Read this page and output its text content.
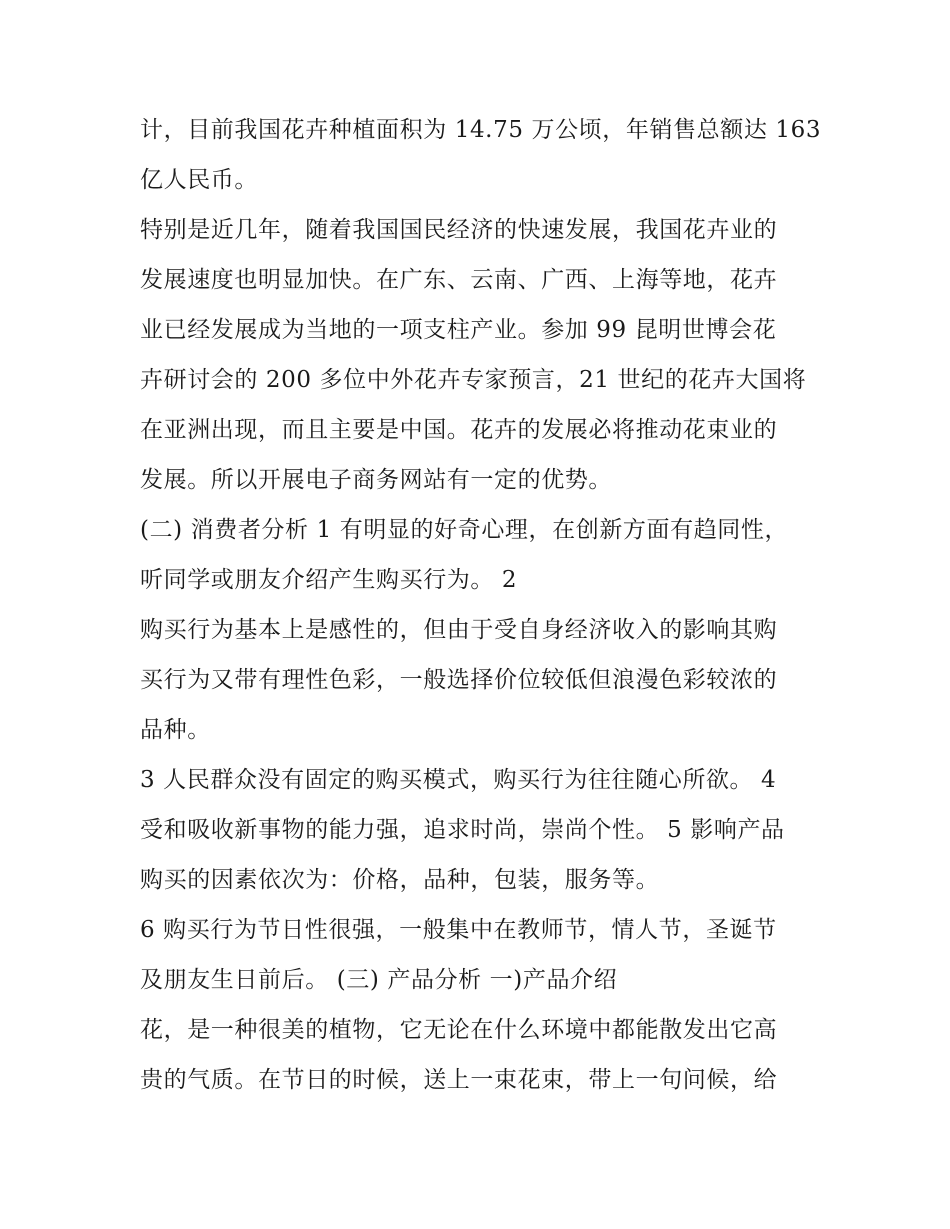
计，目前我国花卉种植面积为 14.75 万公顷，年销售总额达 163
亿人民币。
特别是近几年，随着我国国民经济的快速发展，我国花卉业的
发展速度也明显加快。在广东、云南、广西、上海等地，花卉
业已经发展成为当地的一项支柱产业。参加 99 昆明世博会花
卉研讨会的 200 多位中外花卉专家预言，21 世纪的花卉大国将
在亚洲出现，而且主要是中国。花卉的发展必将推动花束业的
发展。所以开展电子商务网站有一定的优势。
(二) 消费者分析 1 有明显的好奇心理，在创新方面有趋同性，
听同学或朋友介绍产生购买行为。 2
购买行为基本上是感性的，但由于受自身经济收入的影响其购
买行为又带有理性色彩，一般选择价位较低但浪漫色彩较浓的
品种。
3 人民群众没有固定的购买模式，购买行为往往随心所欲。 4
受和吸收新事物的能力强，追求时尚，崇尚个性。 5 影响产品
购买的因素依次为：价格，品种，包装，服务等。
6 购买行为节日性很强，一般集中在教师节，情人节，圣诞节
及朋友生日前后。 (三) 产品分析 一)产品介绍
花，是一种很美的植物，它无论在什么环境中都能散发出它高
贵的气质。在节日的时候，送上一束花束，带上一句问候，给
